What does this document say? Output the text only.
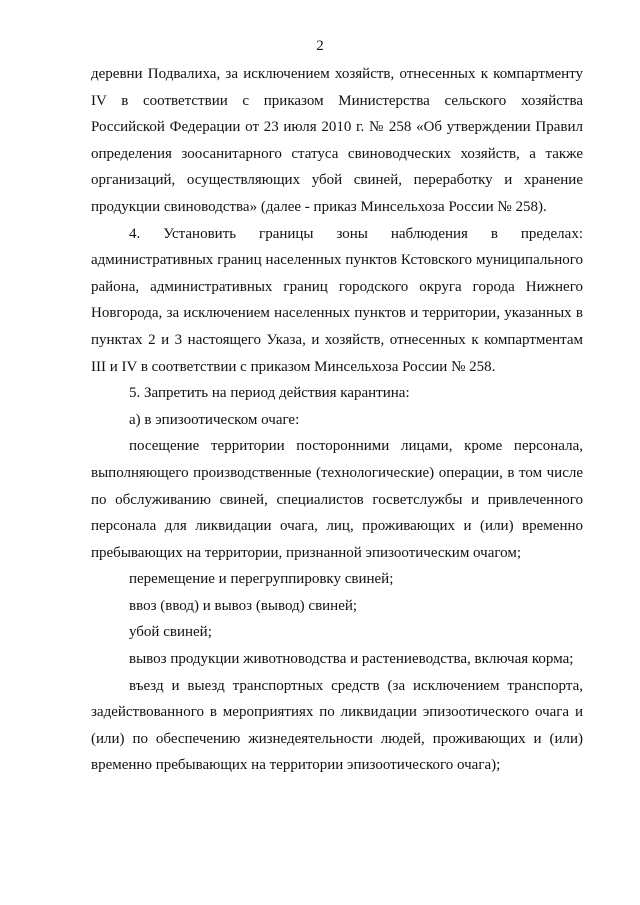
2

деревни Подвалиха, за исключением хозяйств, отнесенных к компартменту IV в соответствии с приказом Министерства сельского хозяйства Российской Федерации от 23 июля 2010 г. № 258 «Об утверждении Правил определения зоосанитарного статуса свиноводческих хозяйств, а также организаций, осуществляющих убой свиней, переработку и хранение продукции свиноводства» (далее - приказ Минсельхоза России № 258).

4. Установить границы зоны наблюдения в пределах: административных границ населенных пунктов Кстовского муниципального района, административных границ городского округа города Нижнего Новгорода, за исключением населенных пунктов и территории, указанных в пунктах 2 и 3 настоящего Указа, и хозяйств, отнесенных к компартментам III и IV в соответствии с приказом Минсельхоза России № 258.

5. Запретить на период действия карантина:

а) в эпизоотическом очаге:

посещение территории посторонними лицами, кроме персонала, выполняющего производственные (технологические) операции, в том числе по обслуживанию свиней, специалистов госветслужбы и привлеченного персонала для ликвидации очага, лиц, проживающих и (или) временно пребывающих на территории, признанной эпизоотическим очагом;

перемещение и перегруппировку свиней;

ввоз (ввод) и вывоз (вывод) свиней;

убой свиней;

вывоз продукции животноводства и растениеводства, включая корма;

въезд и выезд транспортных средств (за исключением транспорта, задействованного в мероприятиях по ликвидации эпизоотического очага и (или) по обеспечению жизнедеятельности людей, проживающих и (или) временно пребывающих на территории эпизоотического очага);
